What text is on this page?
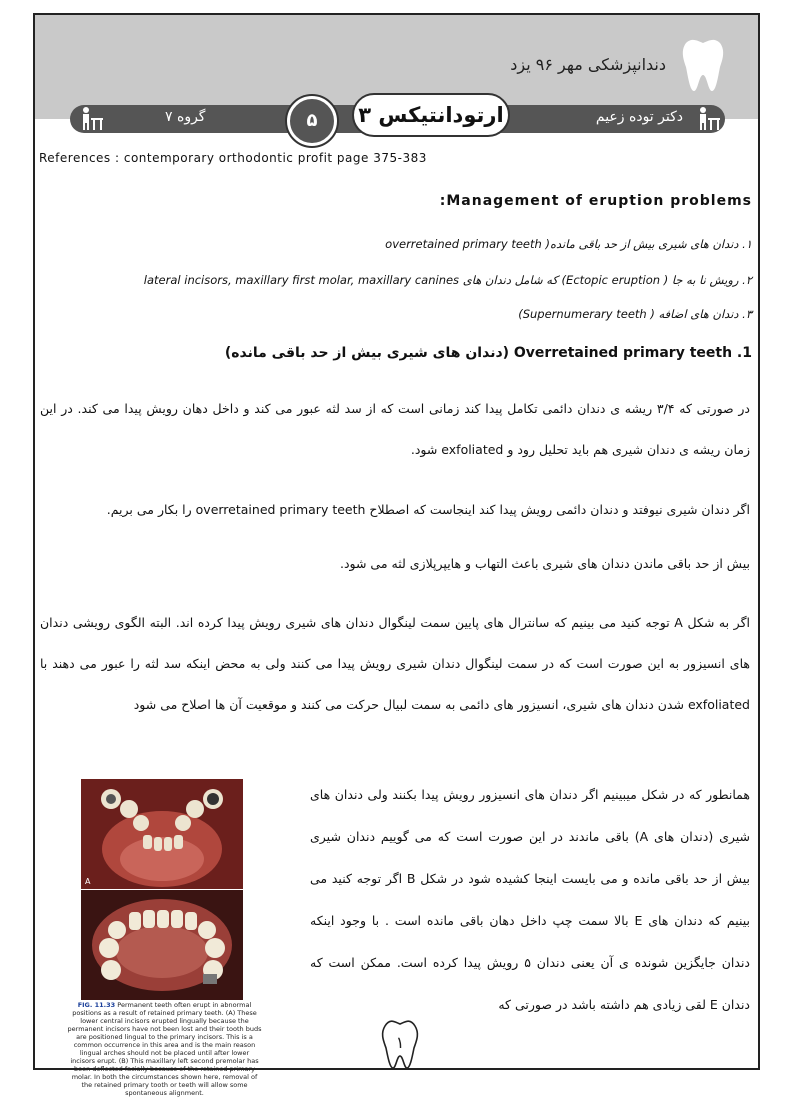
دندانپزشکی مهر ۹۶ یزد
دکتر توده زعیم
ارتودانتیکس ۳
۵
گروه ۷
References : contemporary orthodontic profit page 375-383
:Management of eruption problems
۱. دندان های شیری بیش از حد باقی مانده( overretained primary teeth
۲. رویش نا به جا ( Ectopic eruption) که شامل دندان های lateral incisors, maxillary first molar, maxillary canines
۳. دندان های اضافه ( Supernumerary teeth)
1. Overretained primary teeth (دندان های شیری بیش از حد باقی مانده)
در صورتی که ۳/۴ ریشه ی دندان دائمی تکامل پیدا کند زمانی است که از سد لثه عبور می کند و داخل دهان رویش پیدا می کند. در این زمان ریشه ی دندان شیری هم باید تحلیل رود و exfoliated شود.
اگر دندان شیری نیوفتد و دندان دائمی رویش پیدا کند اینجاست که اصطلاح overretained primary teeth را بکار می بریم.
بیش از حد باقی ماندن دندان های شیری باعث التهاب و هایپرپلازی لثه می شود.
اگر به شکل A توجه کنید می بینیم که سانترال های پایین سمت لینگوال دندان های شیری رویش پیدا کرده اند. البته الگوی رویشی دندان های انسیزور به این صورت است که در سمت لینگوال دندان شیری رویش پیدا می کنند ولی به محض اینکه سد لثه را عبور می دهند با exfoliated شدن دندان های شیری، انسیزور های دائمی به سمت لبیال حرکت می کنند و موقعیت آن ها اصلاح می شود
همانطور که در شکل میبینیم اگر دندان های انسیزور رویش پیدا بکنند ولی دندان های شیری (دندان های A) باقی ماندند در این صورت است که می گوییم دندان شیری بیش از حد باقی مانده و می بایست اینجا کشیده شود در شکل B اگر توجه کنید می بینیم که دندان های E بالا سمت چپ داخل دهان باقی مانده است . با وجود اینکه دندان جایگزین شونده ی آن یعنی دندان ۵ رویش پیدا کرده است. ممکن است که دندان E لقی زیادی هم داشته باشد در صورتی که
A
FIG. 11.33 Permanent teeth often erupt in abnormal positions as a result of retained primary teeth. (A) These lower central incisors erupted lingually because the permanent incisors have not been lost and their tooth buds are positioned lingual to the primary incisors. This is a common occurrence in this area and is the main reason lingual arches should not be placed until after lower incisors erupt. (B) This maxillary left second premolar has been deflected facially because of the retained primary molar. In both the circumstances shown here, removal of the retained primary tooth or teeth will allow some spontaneous alignment.
۱
